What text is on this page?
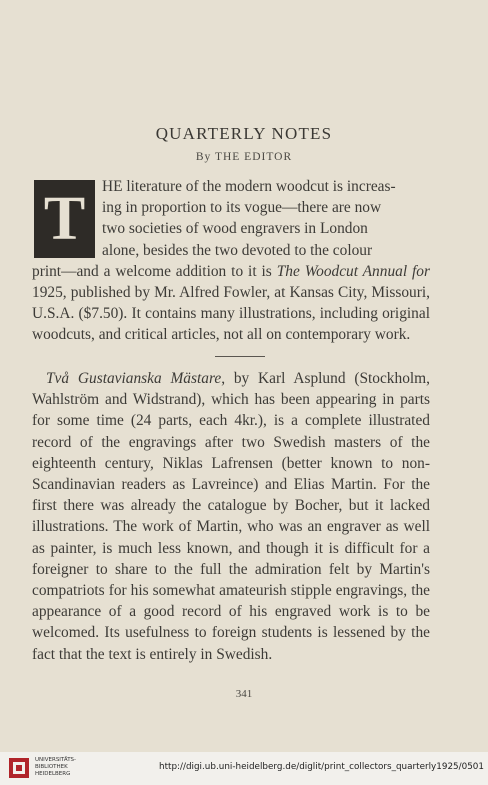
QUARTERLY NOTES
By THE EDITOR
T	HE literature of the modern woodcut is increas-
ing in proportion to its vogue—there are now
two societies of wood engravers in London
alone, besides the two devoted to the colour
print—and a welcome addition to it is The Woodcut Annual for 1925, published by Mr. Alfred Fowler, at Kansas City, Missouri, U.S.A. ($7.50). It contains many illustrations, including original woodcuts, and critical articles, not all on contemporary work.
Två Gustavianska Mästare, by Karl Asplund (Stockholm, Wahlström and Widstrand), which has been appearing in parts for some time (24 parts, each 4kr.), is a complete illustrated record of the engravings after two Swedish masters of the eighteenth century, Niklas Lafrensen (better known to non-Scandinavian readers as Lavreince) and Elias Martin. For the first there was already the catalogue by Bocher, but it lacked illustrations. The work of Martin, who was an engraver as well as painter, is much less known, and though it is difficult for a foreigner to share to the full the admiration felt by Martin's compatriots for his somewhat amateurish stipple engravings, the appearance of a good record of his engraved work is to be welcomed. Its usefulness to foreign students is lessened by the fact that the text is entirely in Swedish.
341
UNIVERSITÄTS-
BIBLIOTHEK
HEIDELBERG
http://digi.ub.uni-heidelberg.de/diglit/print_collectors_quarterly1925/0501
